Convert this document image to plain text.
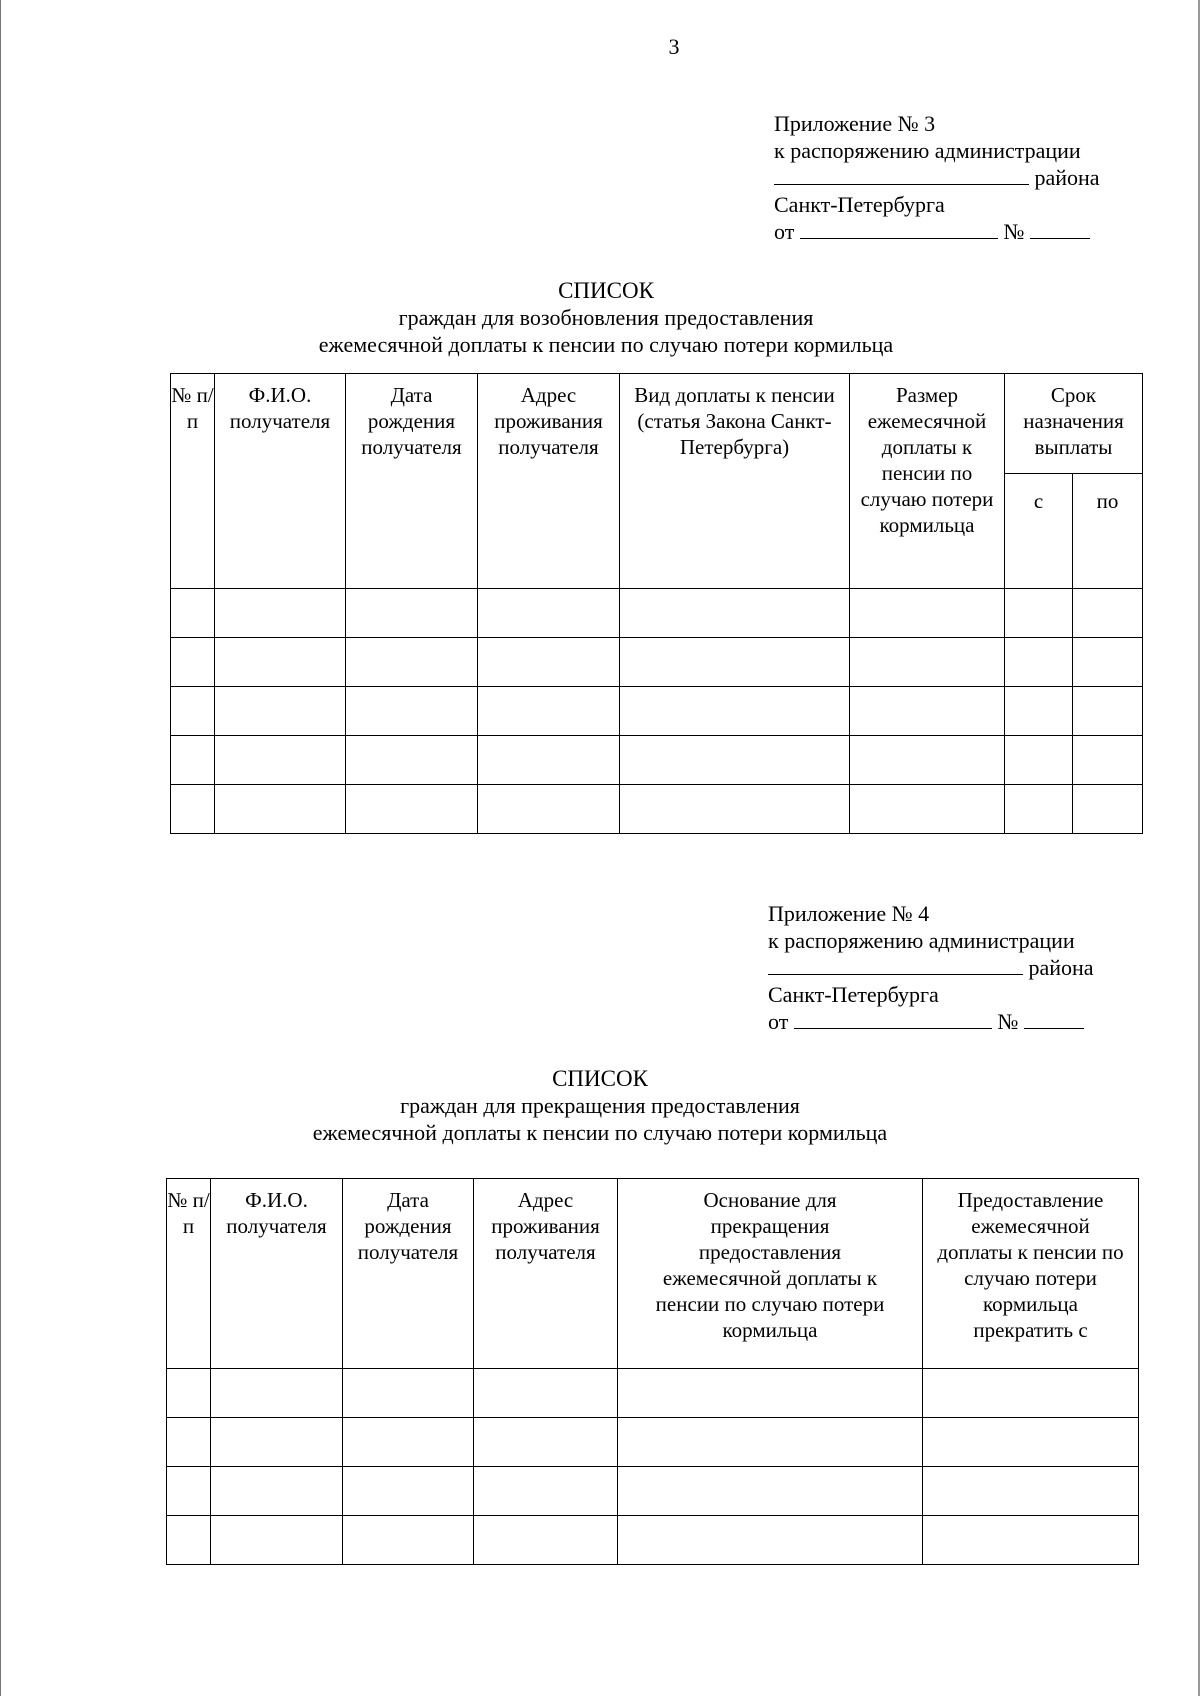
3
Приложение № 3
к распоряжению администрации
района
Санкт-Петербурга
от	№
СПИСОК
граждан для возобновления предоставления
ежемесячной доплаты к пенсии по случаю потери кормильца
№ п/п	Ф.И.О. получателя	Дата рождения получателя	Адрес проживания получателя	Вид доплаты к пенсии (статья Закона Санкт-Петербурга)	Размер ежемесячной доплаты к пенсии по случаю потери кормильца	Срок назначения выплаты	

						с	по

Приложение № 4
к распоряжению администрации
района
Санкт-Петербурга
от	№
СПИСОК
граждан для прекращения предоставления
ежемесячной доплаты к пенсии по случаю потери кормильца
№ п/п	Ф.И.О. получателя	Дата рождения получателя	Адрес проживания получателя	Основание для прекращения предоставления ежемесячной доплаты к пенсии по случаю потери кормильца	Предоставление ежемесячной доплаты к пенсии по случаю потери кормильца прекратить с
